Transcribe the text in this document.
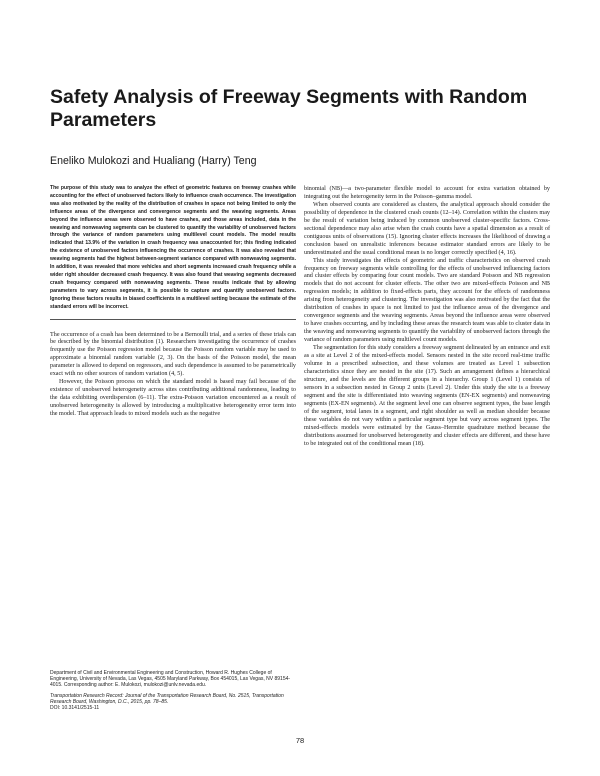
Safety Analysis of Freeway Segments with Random Parameters
Eneliko Mulokozi and Hualiang (Harry) Teng

The purpose of this study was to analyze the effect of geometric features on freeway crashes while accounting for the effect of unobserved factors likely to influence crash occurrence. The investigation was also motivated by the reality of the distribution of crashes in space not being limited to only the influence areas of the divergence and convergence segments and the weaving segments. Areas beyond the influence areas were observed to have crashes, and those areas included, data in the weaving and nonweaving segments can be clustered to quantify the variability of unobserved factors through the variance of random parameters using multilevel count models. The model results indicated that 13.9% of the variation in crash frequency was unaccounted for; this finding indicated the existence of unobserved factors influencing the occurrence of crashes. It was also revealed that weaving segments had the highest between-segment variance compared with nonweaving segments. In addition, it was revealed that more vehicles and short segments increased crash frequency while a wider right shoulder decreased crash frequency. It was also found that weaving segments decreased crash frequency compared with nonweaving segments. These results indicate that by allowing parameters to vary across segments, it is possible to capture and quantify unobserved factors. Ignoring these factors results in biased coefficients in a multilevel setting because the estimate of the standard errors will be incorrect.

The occurrence of a crash has been determined to be a Bernoulli trial, and a series of these trials can be described by the binomial distribution (1). Researchers investigating the occurrence of crashes frequently use the Poisson regression model because the Poisson random variable may be used to approximate a binomial random variable (2, 3). On the basis of the Poisson model, the mean parameter is allowed to depend on regressors, and such dependence is assumed to be parametrically exact with no other sources of random variation (4, 5).

However, the Poisson process on which the standard model is based may fail because of the existence of unobserved heterogeneity across sites contributing additional randomness, leading to the data exhibiting overdispersion (6–11). The extra-Poisson variation encountered as a result of unobserved heterogeneity is allowed by introducing a multiplicative heterogeneity error term into the model. That approach leads to mixed models such as the negative

Department of Civil and Environmental Engineering and Construction, Howard R. Hughes College of Engineering, University of Nevada, Las Vegas, 4505 Maryland Parkway, Box 454015, Las Vegas, NV 89154-4015. Corresponding author: E. Mulokozi, mulokozi@unlv.nevada.edu.

Transportation Research Record: Journal of the Transportation Research Board, No. 2515, Transportation Research Board, Washington, D.C., 2015, pp. 78–85.

DOI: 10.3141/2515-11

binomial (NB)—a two-parameter flexible model to account for extra variation obtained by integrating out the heterogeneity term in the Poisson–gamma model.

When observed counts are considered as clusters, the analytical approach should consider the possibility of dependence in the clustered crash counts (12–14). Correlation within the clusters may be the result of variation being induced by common unobserved cluster-specific factors. Cross-sectional dependence may also arise when the crash counts have a spatial dimension as a result of contiguous units of observations (15). Ignoring cluster effects increases the likelihood of drawing a conclusion based on unrealistic inferences because estimator standard errors are likely to be underestimated and the usual conditional mean is no longer correctly specified (4, 16).

This study investigates the effects of geometric and traffic characteristics on observed crash frequency on freeway segments while controlling for the effects of unobserved influencing factors and cluster effects by comparing four count models. Two are standard Poisson and NB regression models that do not account for cluster effects. The other two are mixed-effects Poisson and NB regression models; in addition to fixed-effects parts, they account for the effects of randomness arising from heterogeneity and clustering. The investigation was also motivated by the fact that the distribution of crashes in space is not limited to just the influence areas of the divergence and convergence segments and the weaving segments. Areas beyond the influence areas were observed to have crashes occurring, and by including these areas the research team was able to cluster data in the weaving and nonweaving segments to quantify the variability of unobserved factors through the variance of random parameters using multilevel count models.

The segmentation for this study considers a freeway segment delineated by an entrance and exit as a site at Level 2 of the mixed-effects model. Sensors nested in the site record real-time traffic volume in a prescribed subsection, and these volumes are treated as Level 1 subsection characteristics since they are nested in the site (17). Such an arrangement defines a hierarchical structure, and the levels are the different groups in a hierarchy. Group 1 (Level 1) consists of sensors in a subsection nested in Group 2 units (Level 2). Under this study the site is a freeway segment and the site is differentiated into weaving segments (EN-EX segments) and nonweaving segments (EX-EN segments). At the segment level one can observe segment types, the base length of the segment, total lanes in a segment, and right shoulder as well as median shoulder because these variables do not vary within a particular segment type but vary across segment types. The mixed-effects models were estimated by the Gauss–Hermite quadrature method because the distributions assumed for unobserved heterogeneity and cluster effects are different, and these have to be integrated out of the conditional mean (18).

78
